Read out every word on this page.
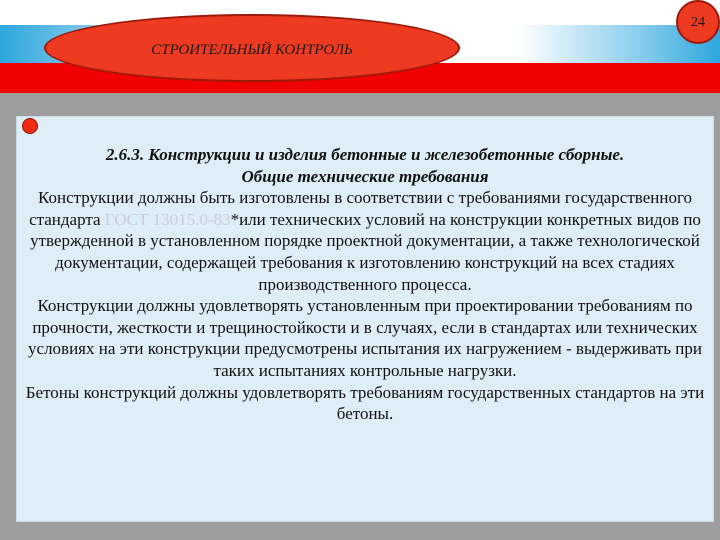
СТРОИТЕЛЬНЫЙ КОНТРОЛЬ
24

2.6.3. Конструкции и изделия бетонные и железобетонные сборные.
Общие технические требования

Конструкции должны быть изготовлены в соответствии с требованиями государственного стандарта ГОСТ 13015.0-83*или технических условий на конструкции конкретных видов по утвержденной в установленном порядке проектной документации, а также технологической документации, содержащей требования к изготовлению конструкций на всех стадиях производственного процесса.

Конструкции должны удовлетворять установленным при проектировании требованиям по прочности, жесткости и трещиностойкости и в случаях, если в стандартах или технических условиях на эти конструкции предусмотрены испытания их нагружением - выдерживать при таких испытаниях контрольные нагрузки.

Бетоны конструкций должны удовлетворять требованиям государственных стандартов на эти бетоны.
